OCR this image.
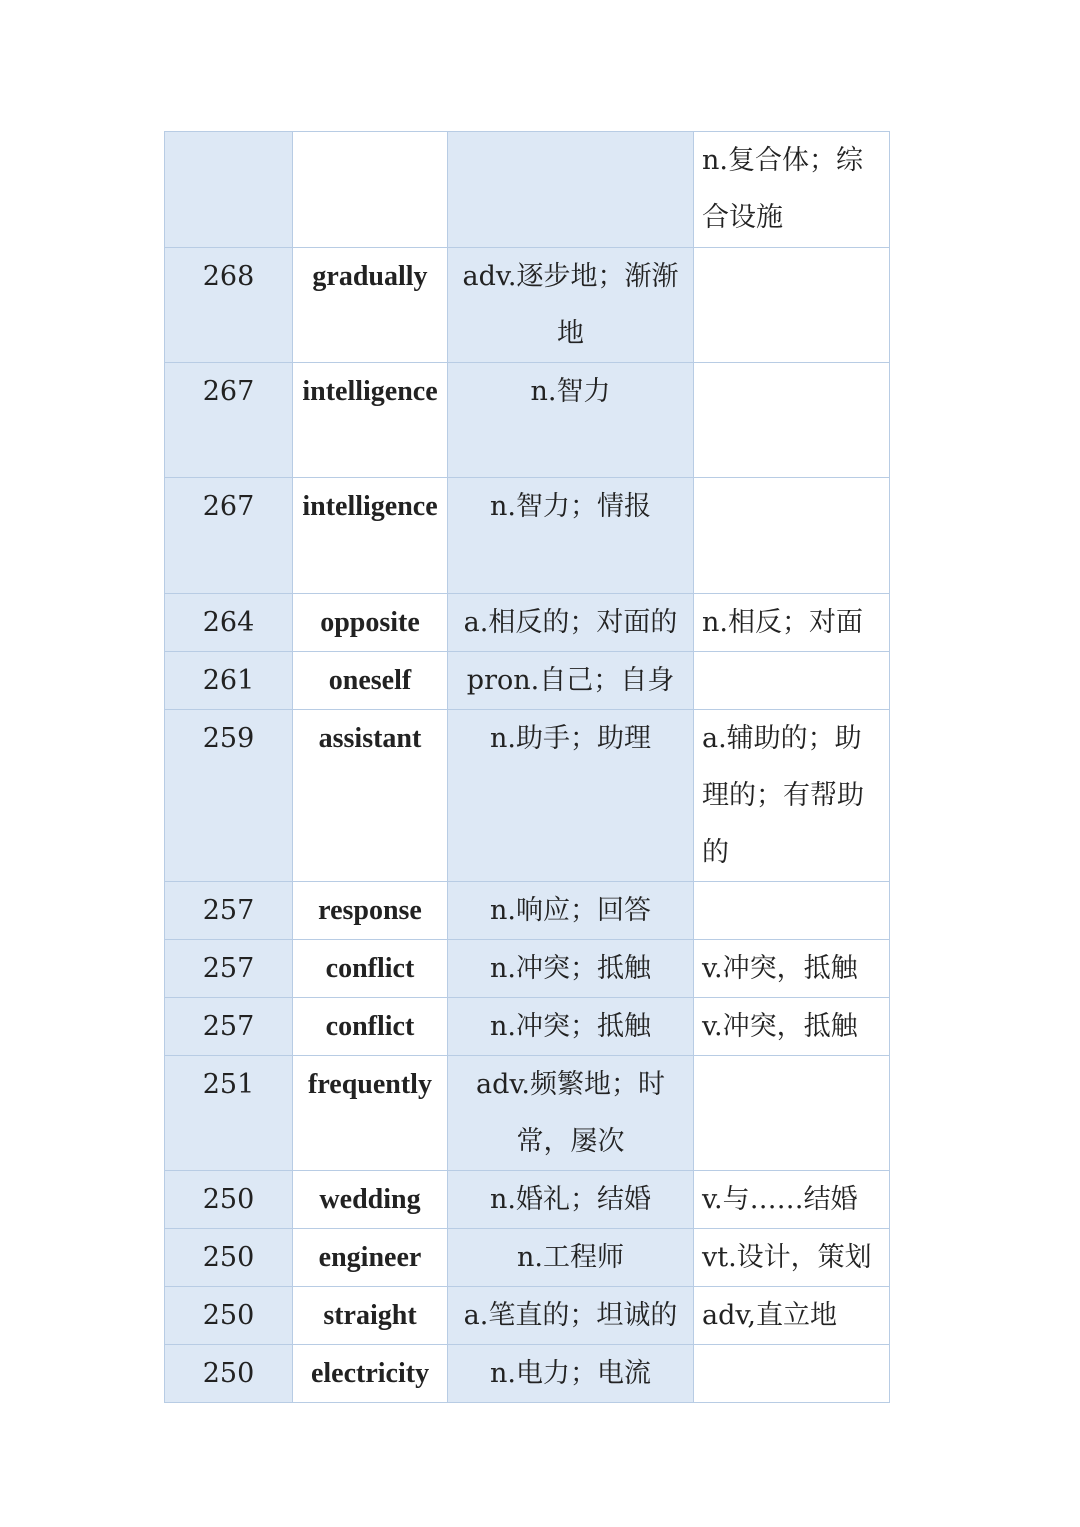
			n.复合体；综合设施
268	gradually	adv.逐步地；渐渐地	
267	intelligence	n.智力	
267	intelligence	n.智力；情报	
264	opposite	a.相反的；对面的	n.相反；对面
261	oneself	pron.自己；自身	
259	assistant	n.助手；助理	a.辅助的；助理的；有帮助的
257	response	n.响应；回答	
257	conflict	n.冲突；抵触	v.冲突，抵触
257	conflict	n.冲突；抵触	v.冲突，抵触
251	frequently	adv.频繁地；时常，屡次	
250	wedding	n.婚礼；结婚	v.与……结婚
250	engineer	n.工程师	vt.设计，策划
250	straight	a.笔直的；坦诚的	adv,直立地
250	electricity	n.电力；电流	
